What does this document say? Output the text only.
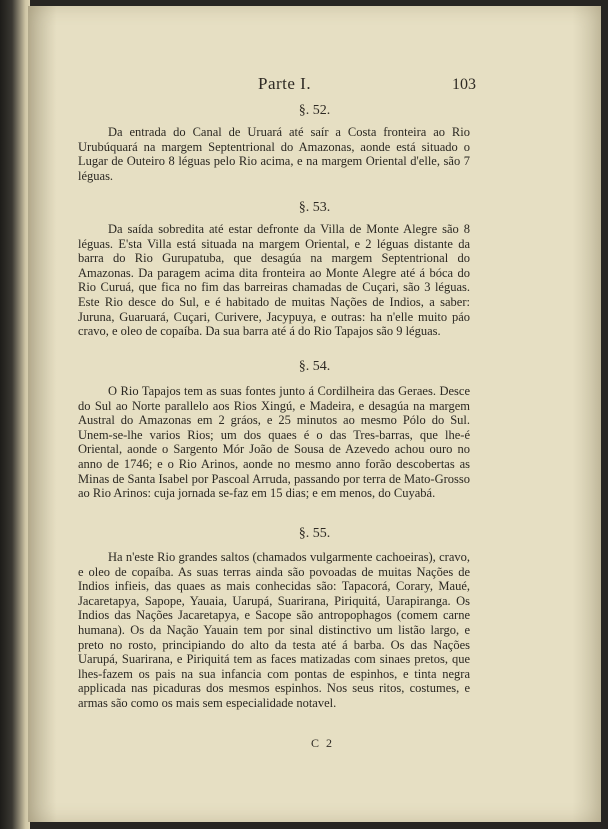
Parte I.	103
§. 52.

Da entrada do Canal de Uruará até saír a Costa fronteira ao Rio Urubúquará na margem Septentrional do Amazonas, aonde está situado o Lugar de Outeiro 8 léguas pelo Rio acima, e na margem Oriental d'elle, são 7 léguas.

§. 53.

Da saída sobredita até estar defronte da Villa de Monte Alegre são 8 léguas. E'sta Villa está situada na margem Oriental, e 2 léguas distante da barra do Rio Gurupatuba, que desagúa na margem Septentrional do Amazonas. Da paragem acima dita fronteira ao Monte Alegre até á bóca do Rio Curuá, que fica no fim das barreiras chamadas de Cuçari, são 3 léguas. Este Rio desce do Sul, e é habitado de muitas Nações de Indios, a saber: Juruna, Guaruará, Cuçari, Curivere, Jacypuya, e outras: ha n'elle muito páo cravo, e oleo de copaíba. Da sua barra até á do Rio Tapajos são 9 léguas.

§. 54.

O Rio Tapajos tem as suas fontes junto á Cordilheira das Geraes. Desce do Sul ao Norte parallelo aos Rios Xingú, e Madeira, e desagúa na margem Austral do Amazonas em 2 gráos, e 25 minutos ao mesmo Pólo do Sul. Unem-se-lhe varios Rios; um dos quaes é o das Tres-barras, que lhe-é Oriental, aonde o Sargento Mór João de Sousa de Azevedo achou ouro no anno de 1746; e o Rio Arinos, aonde no mesmo anno forão descobertas as Minas de Santa Isabel por Pascoal Arruda, passando por terra de Mato-Grosso ao Rio Arinos: cuja jornada se-faz em 15 dias; e em menos, do Cuyabá.

§. 55.

Ha n'este Rio grandes saltos (chamados vulgarmente cachoeiras), cravo, e oleo de copaíba. As suas terras ainda são povoadas de muitas Nações de Indios infieis, das quaes as mais conhecidas são: Tapacorá, Corary, Maué, Jacaretapya, Sapope, Yauaia, Uarupá, Suarirana, Piriquitá, Uarapiranga. Os Indios das Nações Jacaretapya, e Sacope são antropophagos (comem carne humana). Os da Nação Yauain tem por sinal distinctivo um listão largo, e preto no rosto, principiando do alto da testa até á barba. Os das Nações Uarupá, Suarirana, e Piriquitá tem as faces matizadas com sinaes pretos, que lhes-fazem os pais na sua infancia com pontas de espinhos, e tinta negra applicada nas picaduras dos mesmos espinhos. Nos seus ritos, costumes, e armas são como os mais sem especialidade notavel.

C 2
